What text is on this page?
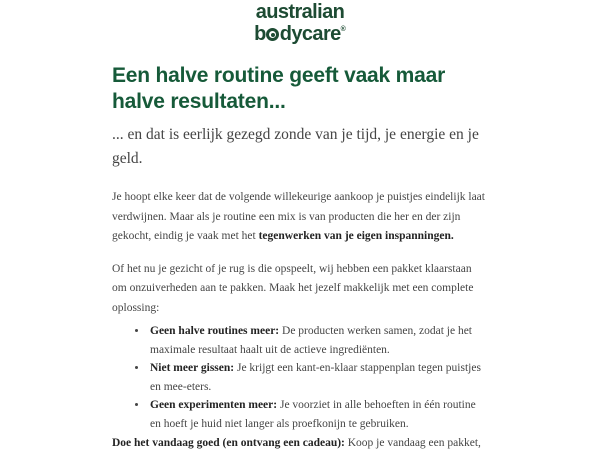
australian
b dycare®
Een halve routine geeft vaak maar halve resultaten...

... en dat is eerlijk gezegd zonde van je tijd, je energie en je geld.

Je hoopt elke keer dat de volgende willekeurige aankoop je puistjes eindelijk laat verdwijnen. Maar als je routine een mix is van producten die her en der zijn gekocht, eindig je vaak met het tegenwerken van je eigen inspanningen.

Of het nu je gezicht of je rug is die opspeelt, wij hebben een pakket klaarstaan om onzuiverheden aan te pakken. Maak het jezelf makkelijk met een complete oplossing:

• Geen halve routines meer: De producten werken samen, zodat je het maximale resultaat haalt uit de actieve ingrediënten.
• Niet meer gissen: Je krijgt een kant-en-klaar stappenplan tegen puistjes en mee-eters.
• Geen experimenten meer: Je voorziet in alle behoeften in één routine en hoeft je huid niet langer als proefkonijn te gebruiken.

Doe het vandaag goed (en ontvang een cadeau): Koop je vandaag een pakket,
